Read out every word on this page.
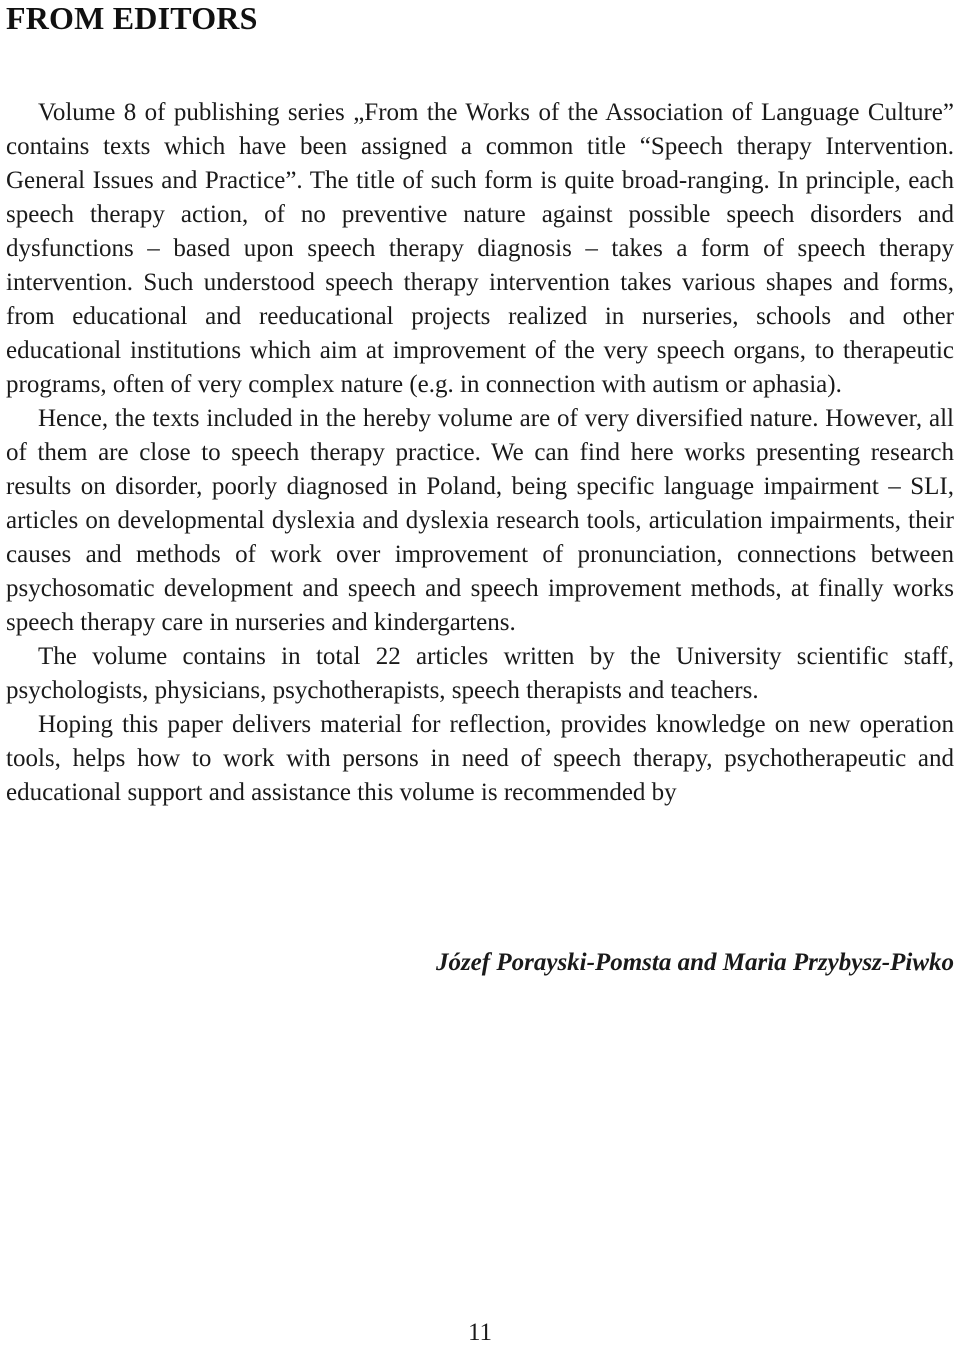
FROM EDITORS

Volume 8 of publishing series „From the Works of the Association of Language Culture” contains texts which have been assigned a common title “Speech therapy Intervention. General Issues and Practice”. The title of such form is quite broad-ranging. In principle, each speech therapy action, of no preventive nature against possible speech disorders and dysfunctions – based upon speech therapy diagnosis – takes a form of speech therapy intervention. Such understood speech therapy intervention takes various shapes and forms, from educational and reeducational projects realized in nurseries, schools and other educational institutions which aim at improvement of the very speech organs, to therapeutic programs, often of very complex nature (e.g. in connection with autism or aphasia).

Hence, the texts included in the hereby volume are of very diversified nature. However, all of them are close to speech therapy practice. We can find here works presenting research results on disorder, poorly diagnosed in Poland, being specific language impairment – SLI, articles on developmental dyslexia and dyslexia research tools, articulation impairments, their causes and methods of work over improvement of pronunciation, connections between psychosomatic development and speech and speech improvement methods, at finally works speech therapy care in nurseries and kindergartens.

The volume contains in total 22 articles written by the University scientific staff, psychologists, physicians, psychotherapists, speech therapists and teachers.

Hoping this paper delivers material for reflection, provides knowledge on new operation tools, helps how to work with persons in need of speech therapy, psychotherapeutic and educational support and assistance this volume is recommended by

Józef Porayski-Pomsta and Maria Przybysz-Piwko
11
